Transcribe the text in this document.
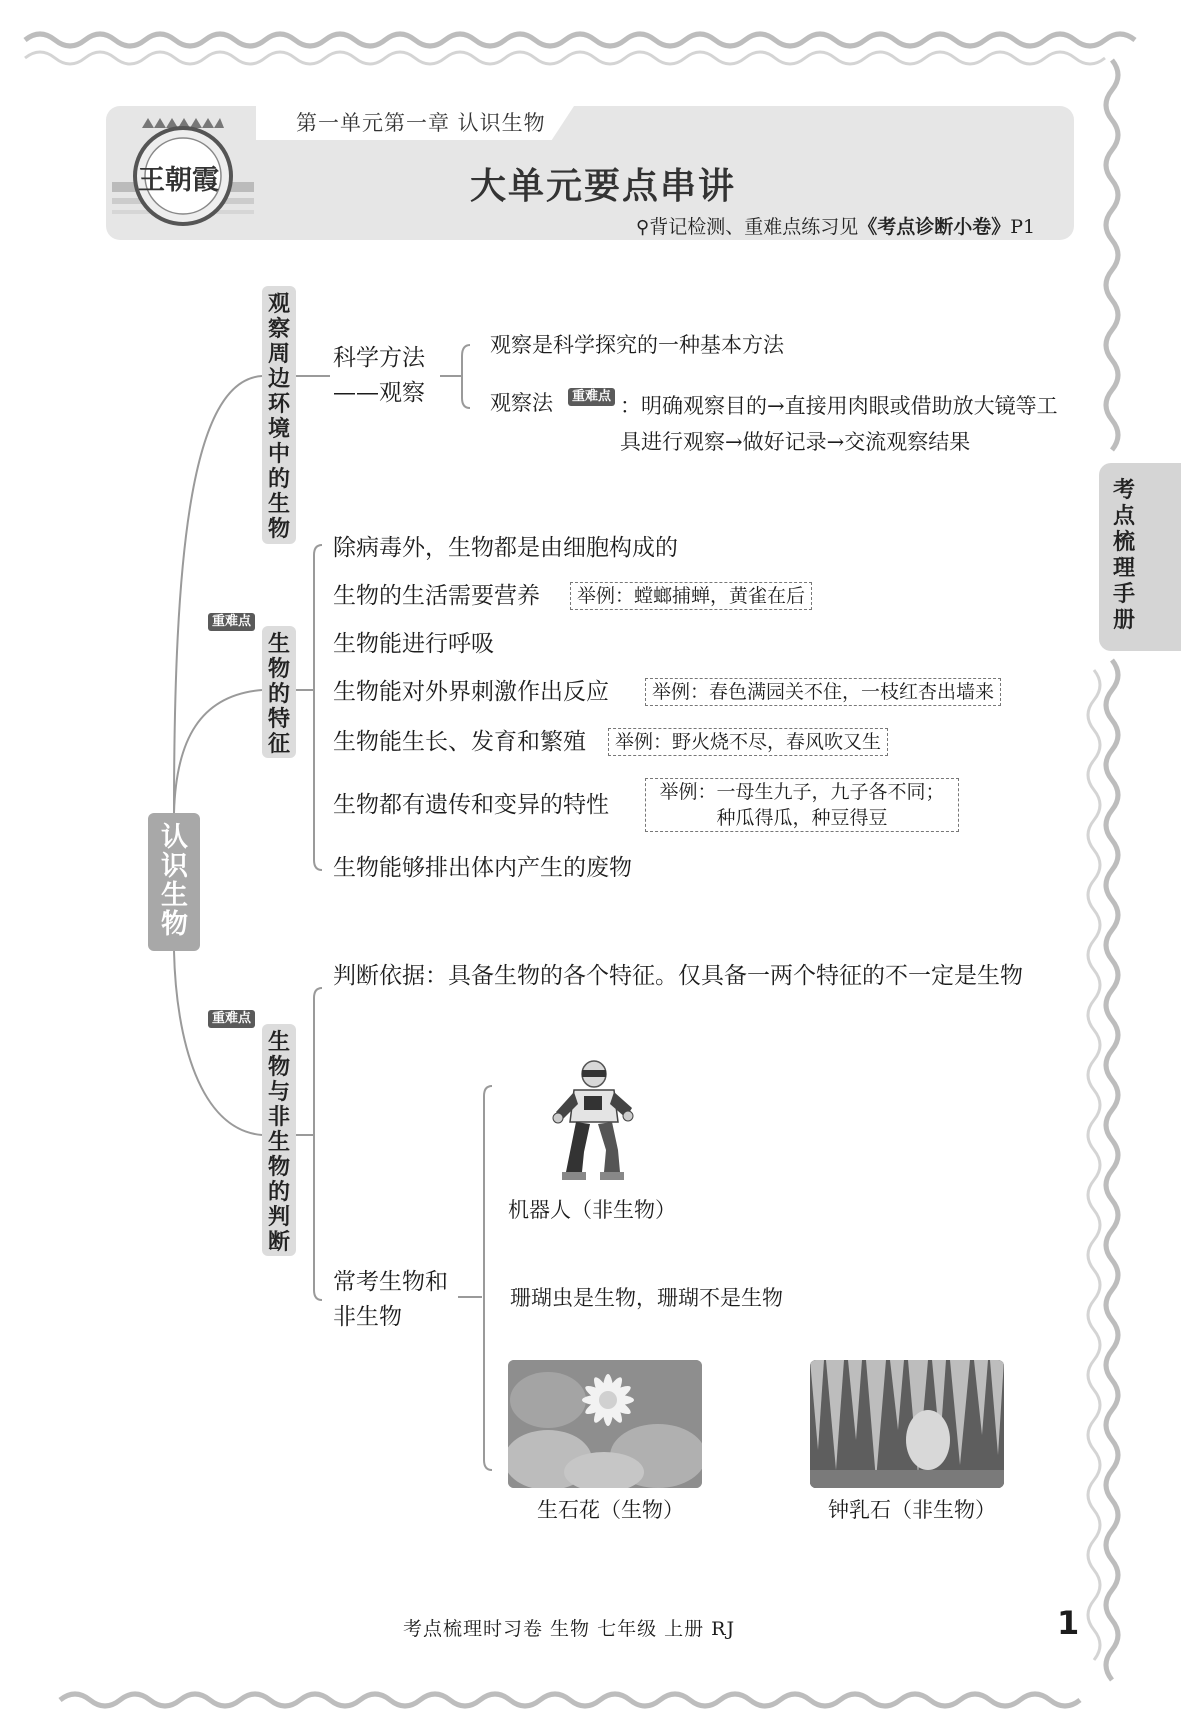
王朝霞
第一单元第一章 认识生物
大单元要点串讲
⚲背记检测、重难点练习见《考点诊断小卷》P1
考点梳理手册
认识生物
观察周边环境中的生物
科学方法
——观察
观察是科学探究的一种基本方法
观察法	重难点 ：明确观察目的→直接用肉眼或借助放大镜等工具进行观察→做好记录→交流观察结果
重难点
生物的特征
除病毒外，生物都是由细胞构成的
生物的生活需要营养	举例：螳螂捕蝉，黄雀在后
生物能进行呼吸
生物能对外界刺激作出反应	举例：春色满园关不住，一枝红杏出墙来
生物能生长、发育和繁殖	举例：野火烧不尽，春风吹又生
生物都有遗传和变异的特性	举例：一母生九子，九子各不同；
种瓜得瓜，种豆得豆
生物能够排出体内产生的废物
重难点
生物与非生物的判断
判断依据：具备生物的各个特征。仅具备一两个特征的不一定是生物
常考生物和
非生物
机器人（非生物）
珊瑚虫是生物，珊瑚不是生物
生石花（生物）	钟乳石（非生物）
考点梳理时习卷 生物 七年级 上册 RJ	1
